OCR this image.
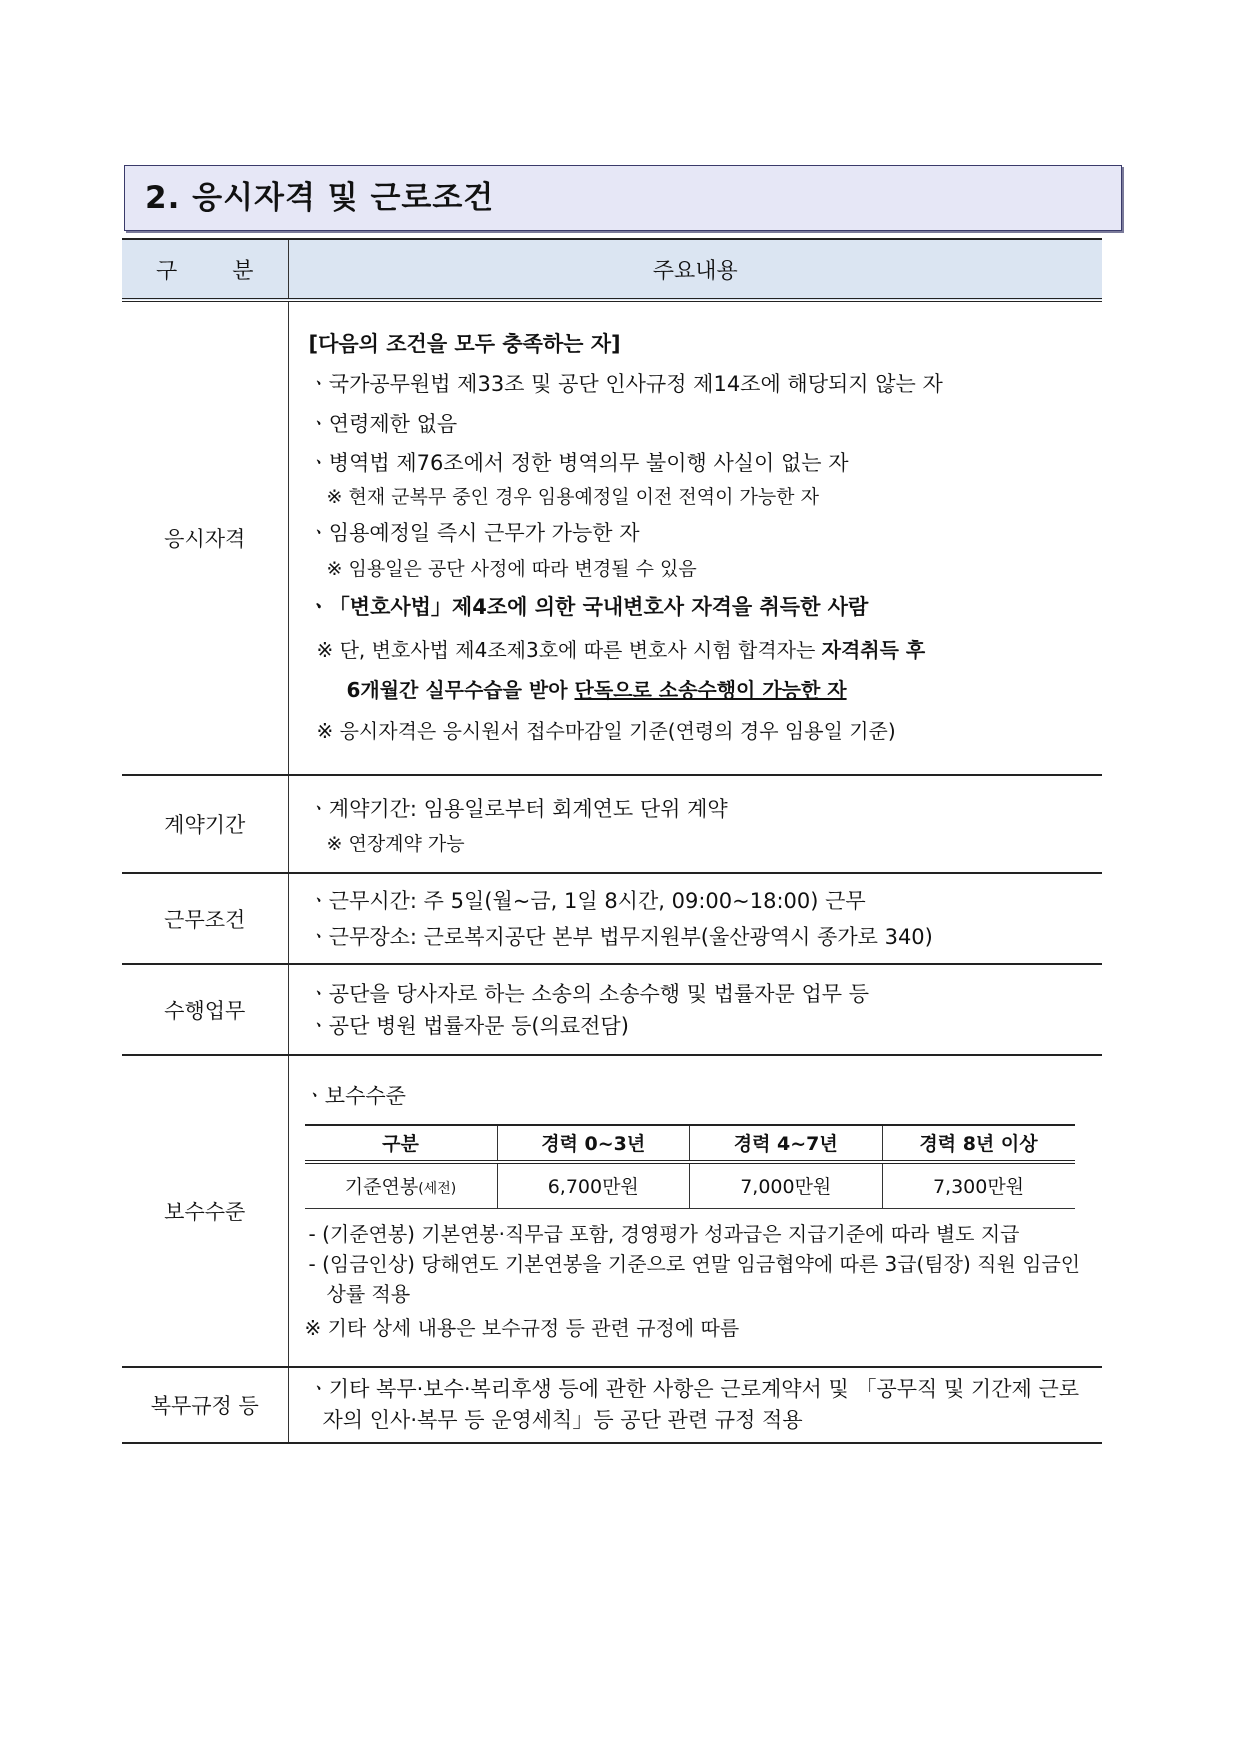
2. 응시자격 및 근로조건
구 분	주요내용
응시자격	
[다음의 조건을 모두 충족하는 자]
ㆍ국가공무원법 제33조 및 공단 인사규정 제14조에 해당되지 않는 자
ㆍ연령제한 없음
ㆍ병역법 제76조에서 정한 병역의무 불이행 사실이 없는 자
※ 현재 군복무 중인 경우 임용예정일 이전 전역이 가능한 자
ㆍ임용예정일 즉시 근무가 가능한 자
※ 임용일은 공단 사정에 따라 변경될 수 있음
ㆍ「변호사법」제4조에 의한 국내변호사 자격을 취득한 사람
※ 단, 변호사법 제4조제3호에 따른 변호사 시험 합격자는 자격취득 후
6개월간 실무수습을 받아 단독으로 소송수행이 가능한 자
※ 응시자격은 응시원서 접수마감일 기준(연령의 경우 임용일 기준)

계약기간	
ㆍ계약기간: 임용일로부터 회계연도 단위 계약
※ 연장계약 가능

근무조건	
ㆍ근무시간: 주 5일(월~금, 1일 8시간, 09:00~18:00) 근무
ㆍ근무장소: 근로복지공단 본부 법무지원부(울산광역시 종가로 340)

수행업무	
ㆍ공단을 당사자로 하는 소송의 소송수행 및 법률자문 업무 등
ㆍ공단 병원 법률자문 등(의료전담)

보수수준	
ㆍ보수수준
구분	경력 0~3년	경력 4~7년	경력 8년 이상
기준연봉(세전)	6,700만원	7,000만원	7,300만원
- (기준연봉) 기본연봉·직무급 포함, 경영평가 성과급은 지급기준에 따라 별도 지급
- (임금인상) 당해연도 기본연봉을 기준으로 연말 임금협약에 따른 3급(팀장) 직원 임금인상률 적용
※ 기타 상세 내용은 보수규정 등 관련 규정에 따름

복무규정 등	
ㆍ기타 복무·보수·복리후생 등에 관한 사항은 근로계약서 및 「공무직 및 기간제 근로자의 인사·복무 등 운영세칙」등 공단 관련 규정 적용
